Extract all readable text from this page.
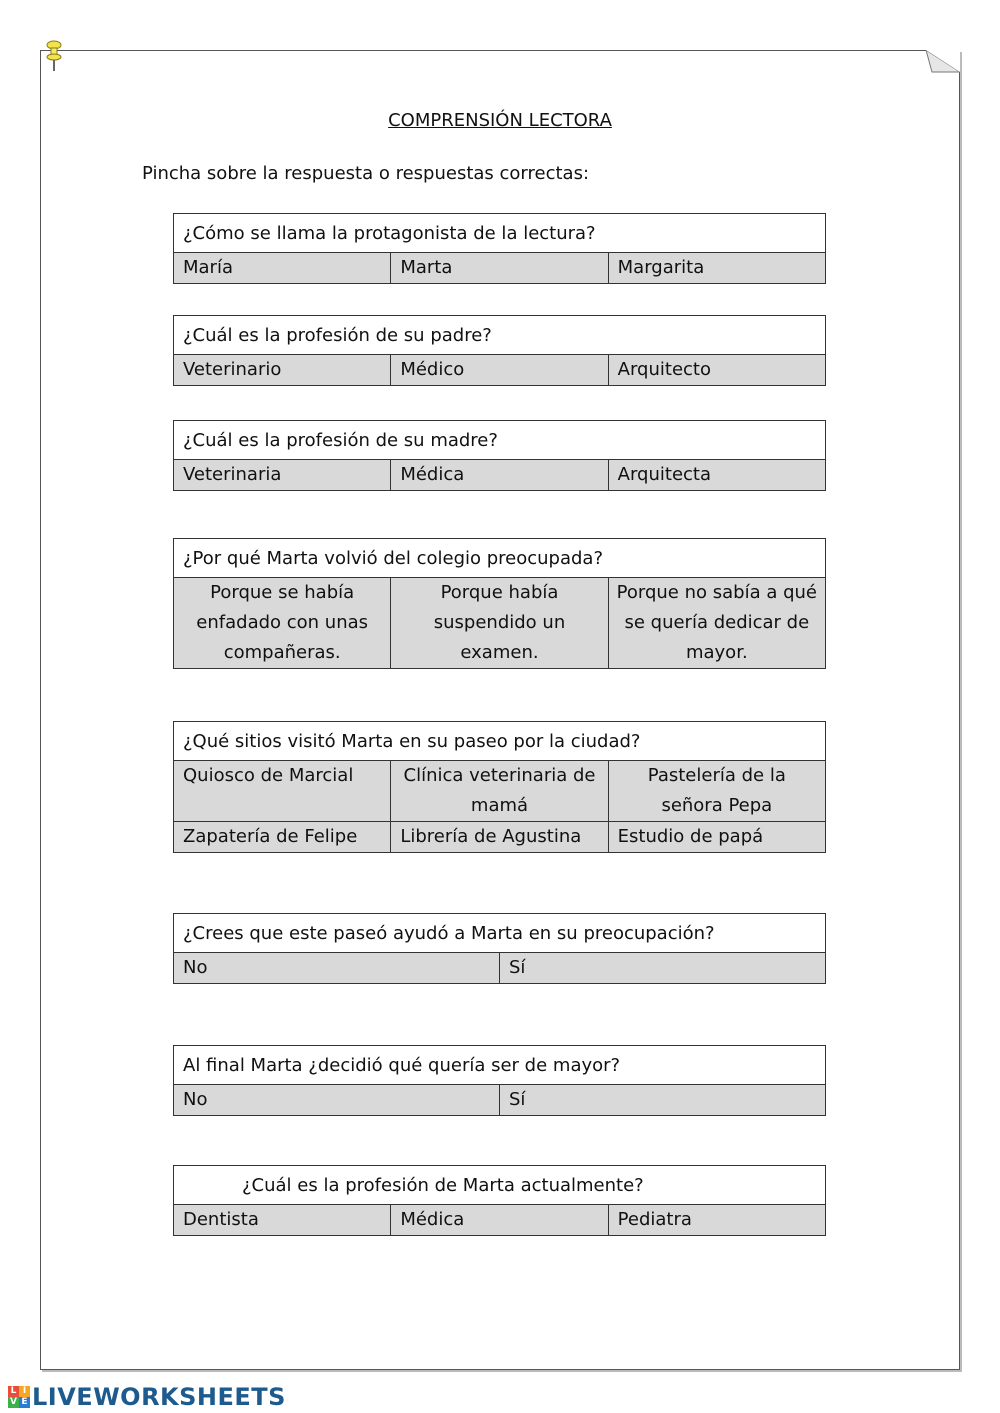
COMPRENSIÓN LECTORA
Pincha sobre la respuesta o respuestas correctas:
¿Cómo se llama la protagonista de la lectura?
María	Marta	Margarita
¿Cuál es la profesión de su padre?
Veterinario	Médico	Arquitecto
¿Cuál es la profesión de su madre?
Veterinaria	Médica	Arquitecta
¿Por qué Marta volvió del colegio preocupada?
Porque se había enfadado con unas compañeras.	Porque había suspendido un examen.	Porque no sabía a qué se quería dedicar de mayor.
¿Qué sitios visitó Marta en su paseo por la ciudad?		
Quiosco de Marcial	Clínica veterinaria de mamá	Pastelería de la señora Pepa
Zapatería de Felipe	Librería de Agustina	Estudio de papá
¿Crees que este paseó ayudó a Marta en su preocupación?
No	Sí
Al final Marta ¿decidió qué quería ser de mayor?
No	Sí
¿Cuál es la profesión de Marta actualmente?
Dentista	Médica	Pediatra
L I
V E LIVEWORKSHEETS
